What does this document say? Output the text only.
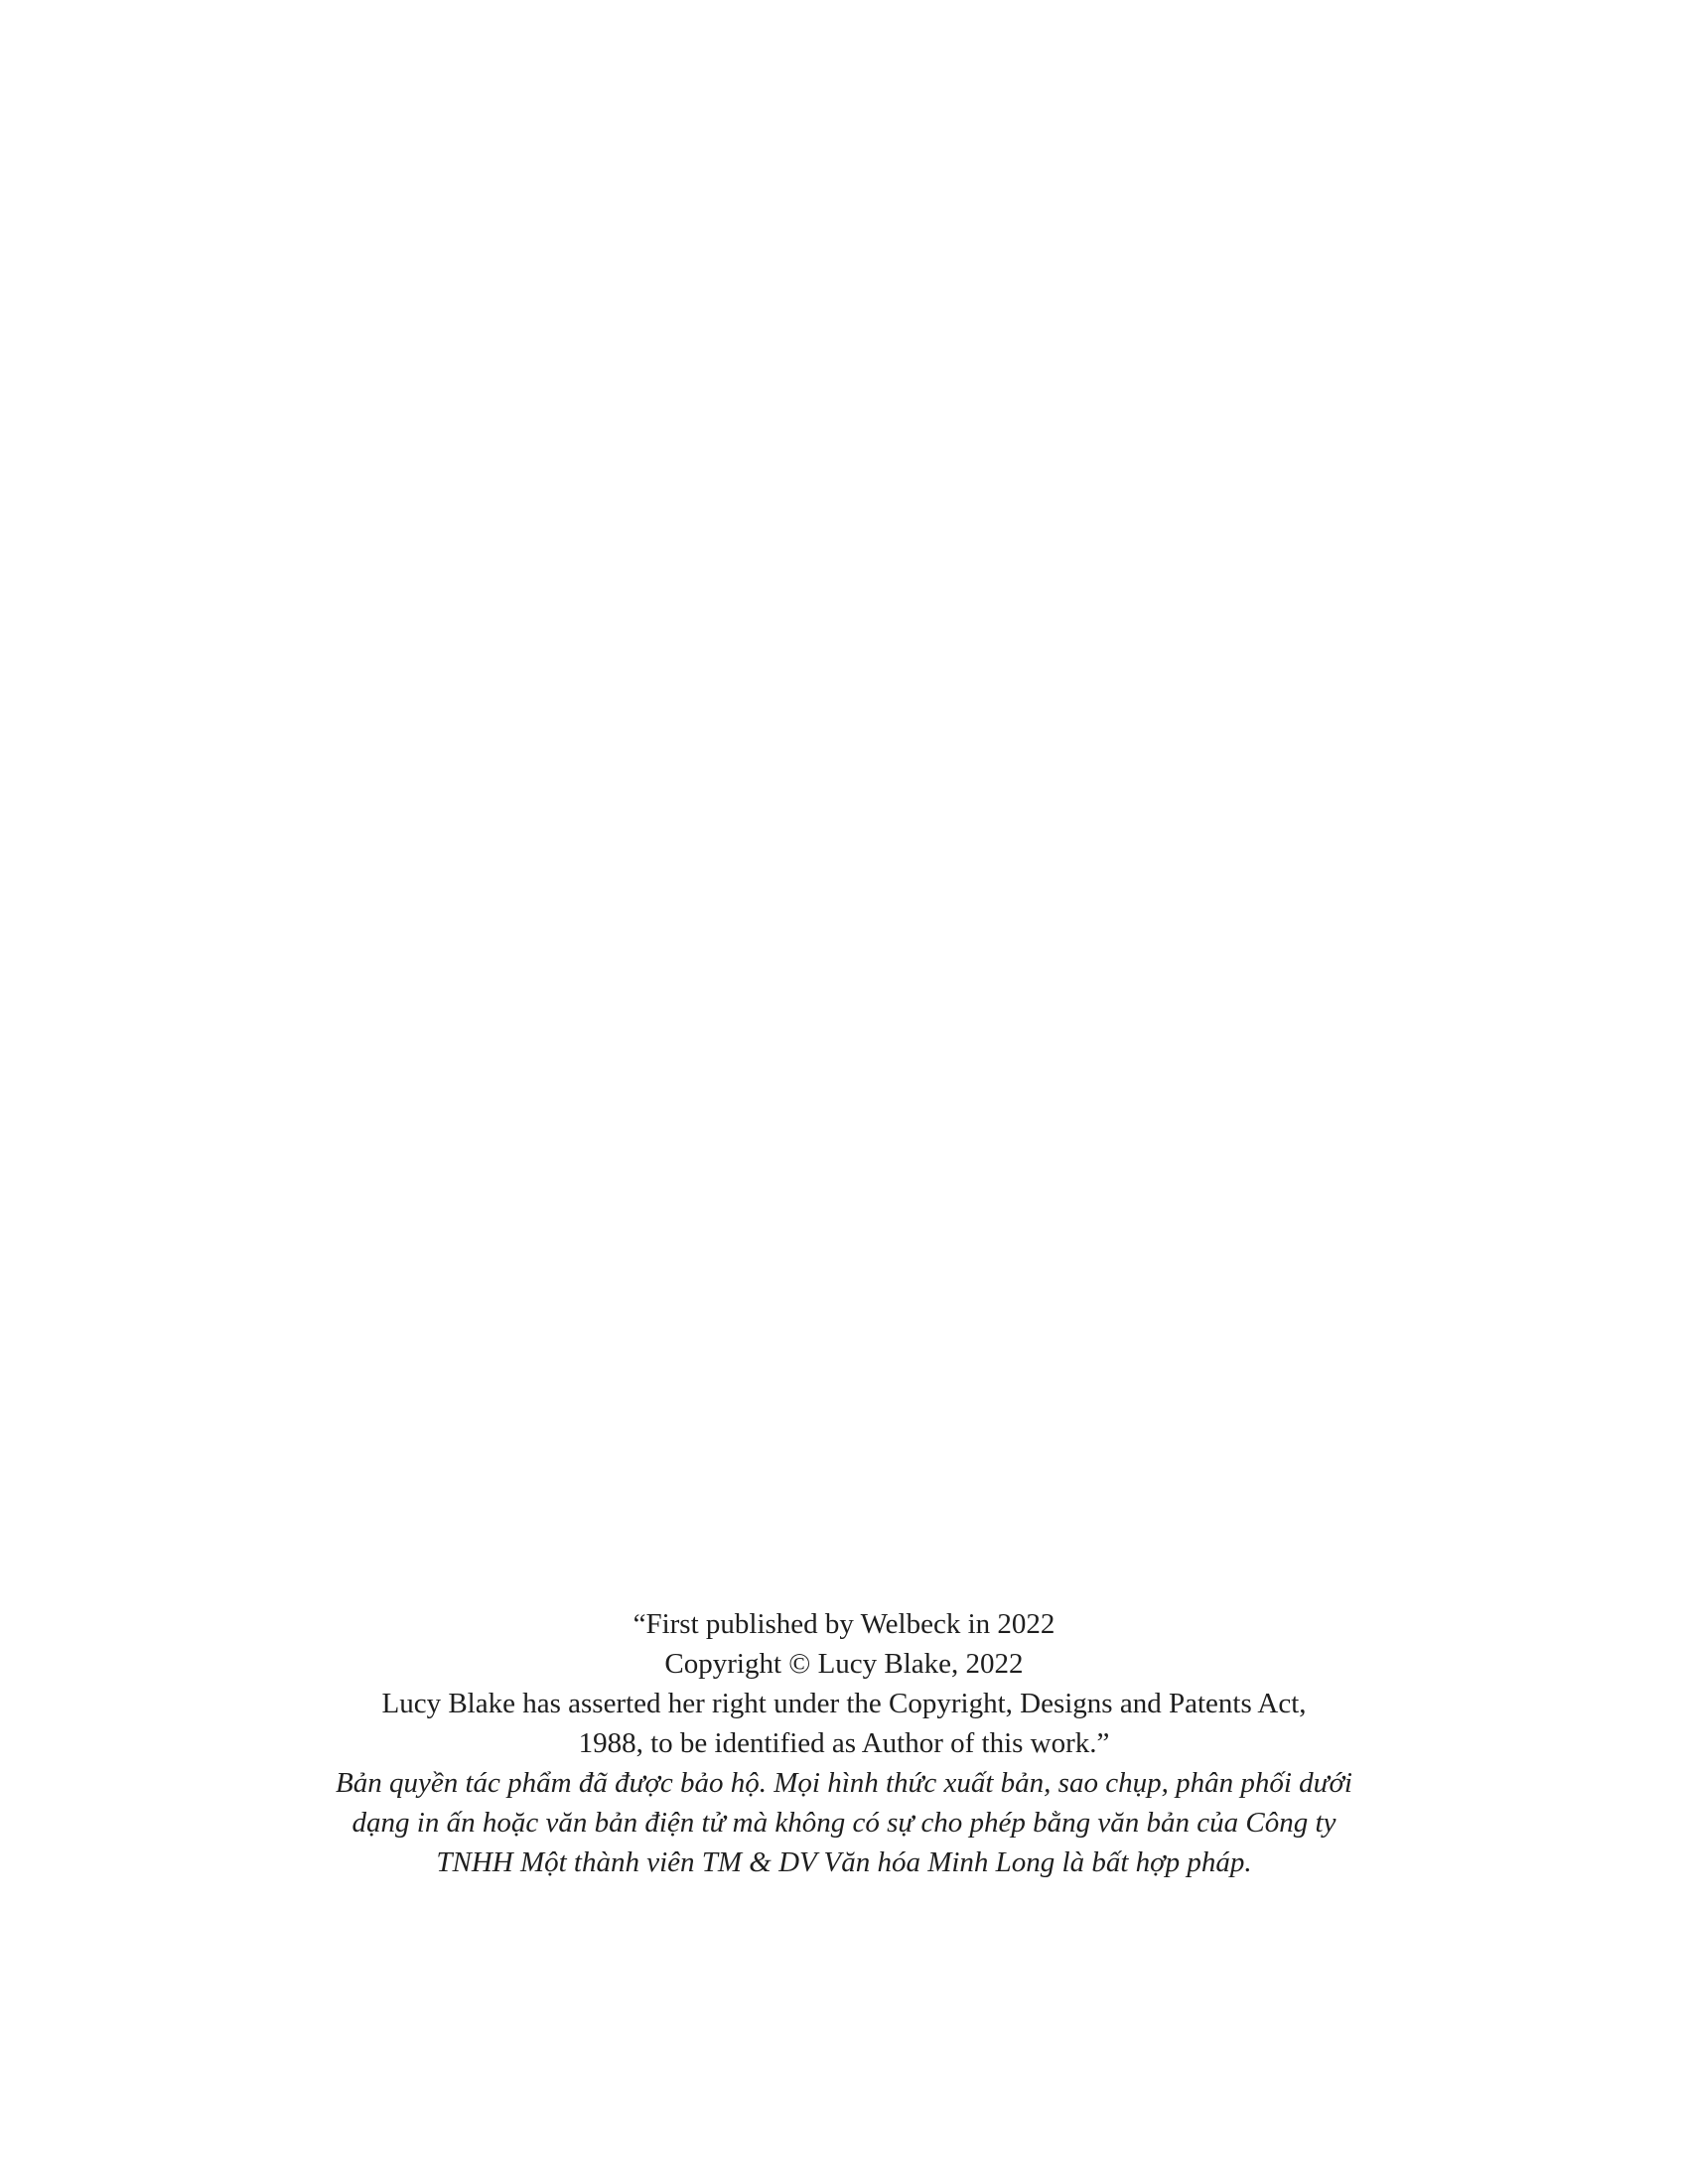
“First published by Welbeck in 2022

Copyright © Lucy Blake, 2022

Lucy Blake has asserted her right under the Copyright, Designs and Patents Act,
1988, to be identified as Author of this work.”

Bản quyền tác phẩm đã được bảo hộ. Mọi hình thức xuất bản, sao chụp, phân phối dưới
dạng in ấn hoặc văn bản điện tử mà không có sự cho phép bằng văn bản của Công ty
TNHH Một thành viên TM & DV Văn hóa Minh Long là bất hợp pháp.
